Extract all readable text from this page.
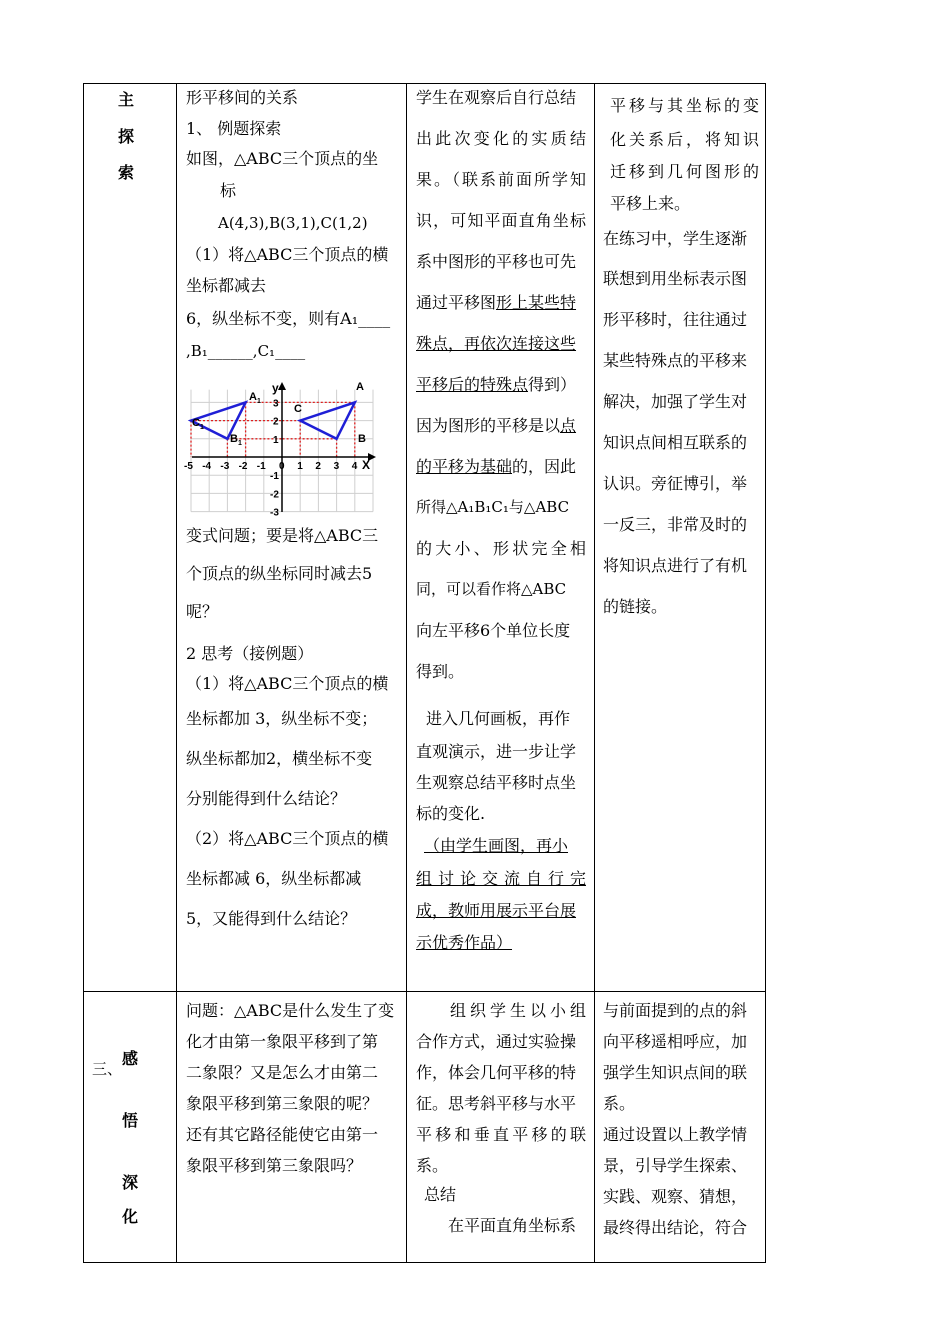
主
探
索

形平移间的关系

1、 例题探索

如图，△ABC三个顶点的坐

标

A(4,3),B(3,1),C(1,2)

（1）将△ABC三个顶点的横

坐标都减去

6，纵坐标不变，则有A₁____

,B₁______,C₁____

-5 -4 -3 -2 -1 0 1 2 3 4
3
2
1
-1
-2
-3
y
X
A
B
C
$A_1$
$B_1$
$C_1$

变式问题；要是将△ABC三

个顶点的纵坐标同时减去5

呢？

2 思考（接例题）

（1）将△ABC三个顶点的横

坐标都加 3，纵坐标不变；

纵坐标都加2，横坐标不变

分别能得到什么结论？

（2）将△ABC三个顶点的横

坐标都减 6，纵坐标都减

5，又能得到什么结论？

学生在观察后自行总结

出此次变化的实质结

果。（联系前面所学知

识，可知平面直角坐标

系中图形的平移也可先

通过平移图形上某些特

殊点，再依次连接这些

平移后的特殊点得到）

因为图形的平移是以点

的平移为基础的，因此

所得△A₁B₁C₁与△ABC

的大小、形状完全相

同，可以看作将△ABC

向左平移6个单位长度

得到。

进入几何画板，再作

直观演示，进一步让学

生观察总结平移时点坐

标的变化.

（由学生画图，再小

组讨论交流自行完

成，教师用展示平台展

示优秀作品）

平移与其坐标的变

化关系后，将知识

迁移到几何图形的

平移上来。

在练习中，学生逐渐

联想到用坐标表示图

形平移时，往往通过

某些特殊点的平移来

解决，加强了学生对

知识点间相互联系的

认识。旁征博引，举

一反三，非常及时的

将知识点进行了有机

的链接。

三、
感
悟
深
化

问题：△ABC是什么发生了变

化才由第一象限平移到了第

二象限？又是怎么才由第二

象限平移到第三象限的呢？

还有其它路径能使它由第一

象限平移到第三象限吗？

组织学生以小组

合作方式，通过实验操

作，体会几何平移的特

征。思考斜平移与水平

平移和垂直平移的联

系。

总结

在平面直角坐标系

与前面提到的点的斜

向平移遥相呼应，加

强学生知识点间的联

系。

通过设置以上教学情

景，引导学生探索、

实践、观察、猜想，

最终得出结论，符合
